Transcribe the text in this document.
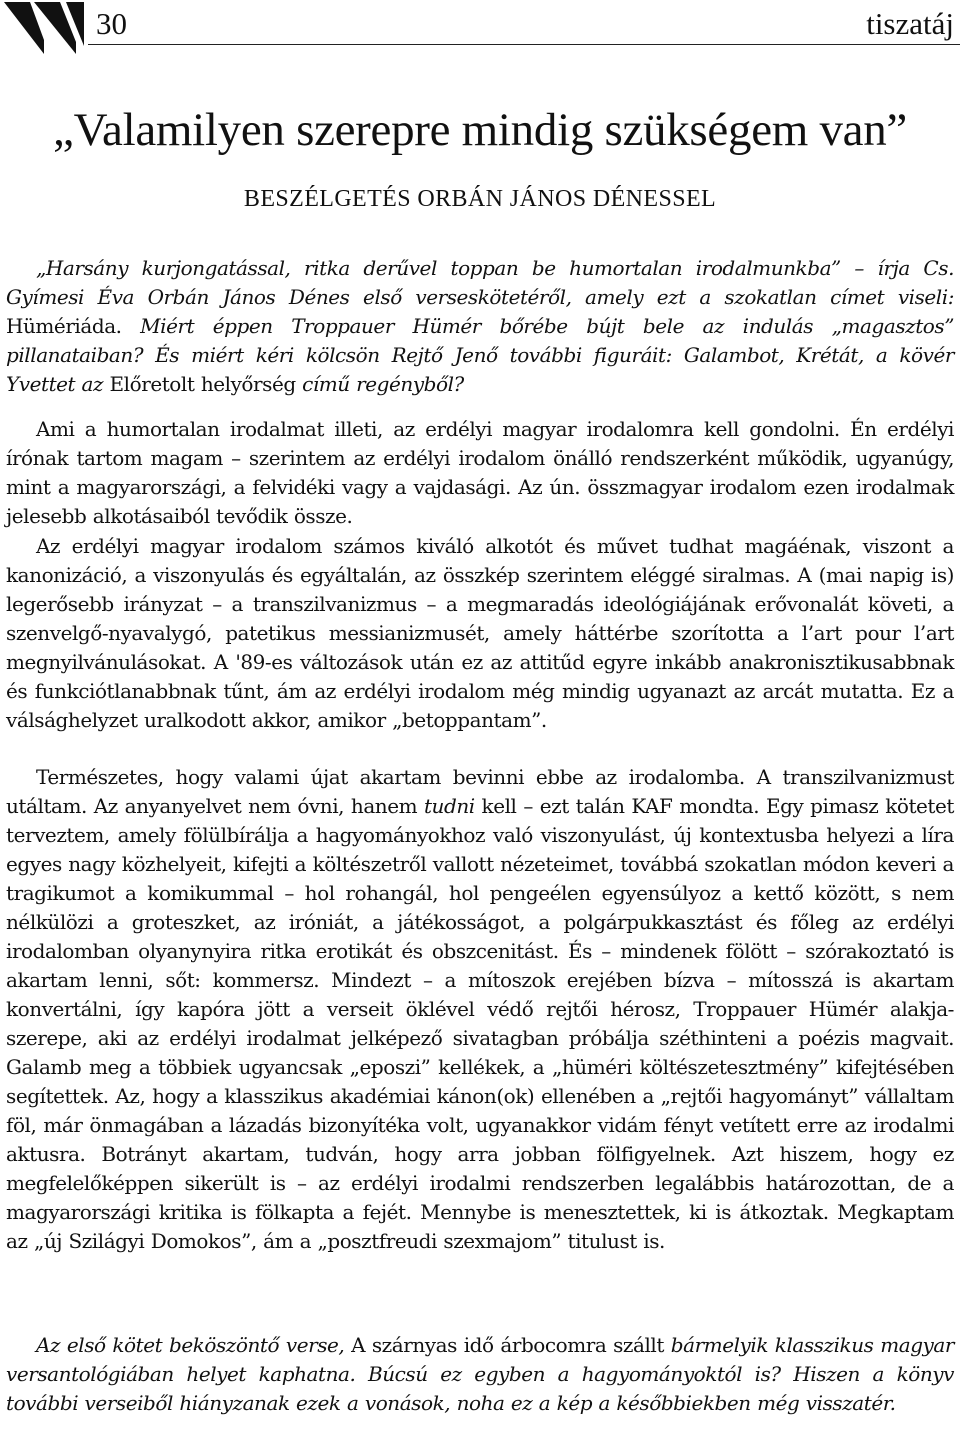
30	tiszatáj
„Valamilyen szerepre mindig szükségem van”
BESZÉLGETÉS ORBÁN JÁNOS DÉNESSEL

„Harsány kurjongatással, ritka derűvel toppan be humortalan irodalmunkba” – írja Cs. Gyímesi Éva Orbán János Dénes első verseskötetéről, amely ezt a szokatlan címet viseli: Hümériáda. Miért éppen Troppauer Hümér bőrébe bújt bele az indulás „magasztos” pillanataiban? És miért kéri kölcsön Rejtő Jenő további figuráit: Galambot, Krétát, a kövér Yvettet az Előretolt helyőrség című regényből?

Ami a humortalan irodalmat illeti, az erdélyi magyar irodalomra kell gondolni. Én erdélyi írónak tartom magam – szerintem az erdélyi irodalom önálló rendszerként működik, ugyanúgy, mint a magyarországi, a felvidéki vagy a vajdasági. Az ún. összmagyar irodalom ezen irodalmak jelesebb alkotásaiból tevődik össze.

Az erdélyi magyar irodalom számos kiváló alkotót és művet tudhat magáénak, viszont a kanonizáció, a viszonyulás és egyáltalán, az összkép szerintem eléggé siralmas. A (mai napig is) legerősebb irányzat – a transzilvanizmus – a megmaradás ideológiájának erővonalát követi, a szenvelgő-nyavalygó, patetikus messianizmusét, amely háttérbe szorította a l’art pour l’art megnyilvánulásokat. A '89-es változások után ez az attitűd egyre inkább anakronisztikusabbnak és funkciótlanabbnak tűnt, ám az erdélyi irodalom még mindig ugyanazt az arcát mutatta. Ez a válsághelyzet uralkodott akkor, amikor „betoppantam”.

Természetes, hogy valami újat akartam bevinni ebbe az irodalomba. A transzilvanizmust utáltam. Az anyanyelvet nem óvni, hanem tudni kell – ezt talán KAF mondta. Egy pimasz kötetet terveztem, amely fölülbírálja a hagyományokhoz való viszonyulást, új kontextusba helyezi a líra egyes nagy közhelyeit, kifejti a költészetről vallott nézeteimet, továbbá szokatlan módon keveri a tragikumot a komikummal – hol rohangál, hol pengeélen egyensúlyoz a kettő között, s nem nélkülözi a groteszket, az iróniát, a játékosságot, a polgárpukkasztást és főleg az erdélyi irodalomban olyanynyira ritka erotikát és obszcenitást. És – mindenek fölött – szórakoztató is akartam lenni, sőt: kommersz. Mindezt – a mítoszok erejében bízva – mítosszá is akartam konvertálni, így kapóra jött a verseit öklével védő rejtői hérosz, Troppauer Hümér alakja-szerepe, aki az erdélyi irodalmat jelképező sivatagban próbálja széthinteni a poézis magvait. Galamb meg a többiek ugyancsak „eposzi” kellékek, a „hüméri költészetesztmény” kifejtésében segítettek. Az, hogy a klasszikus akadémiai kánon(ok) ellenében a „rejtői hagyományt” vállaltam föl, már önmagában a lázadás bizonyítéka volt, ugyanakkor vidám fényt vetített erre az irodalmi aktusra. Botrányt akartam, tudván, hogy arra jobban fölfigyelnek. Azt hiszem, hogy ez megfelelőképpen sikerült is – az erdélyi irodalmi rendszerben legalábbis határozottan, de a magyarországi kritika is fölkapta a fejét. Mennybe is menesztettek, ki is átkoztak. Megkaptam az „új Szilágyi Domokos”, ám a „posztfreudi szexmajom” titulust is.

Az első kötet beköszöntő verse, A szárnyas idő árbocomra szállt bármelyik klasszikus magyar versantológiában helyet kaphatna. Búcsú ez egyben a hagyományoktól is? Hiszen a könyv további verseiből hiányzanak ezek a vonások, noha ez a kép a későbbiekben még visszatér.
